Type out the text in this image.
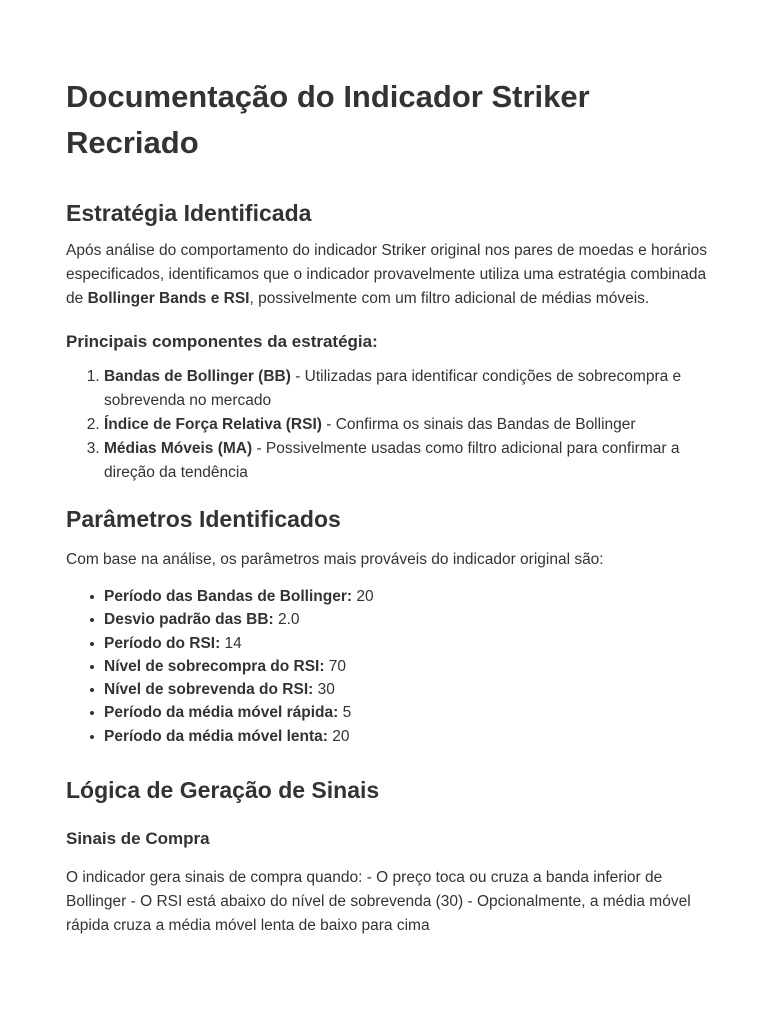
Documentação do Indicador Striker Recriado
Estratégia Identificada

Após análise do comportamento do indicador Striker original nos pares de moedas e horários especificados, identificamos que o indicador provavelmente utiliza uma estratégia combinada de Bollinger Bands e RSI, possivelmente com um filtro adicional de médias móveis.

Principais componentes da estratégia:
1. Bandas de Bollinger (BB) - Utilizadas para identificar condições de sobrecompra e sobrevenda no mercado
2. Índice de Força Relativa (RSI) - Confirma os sinais das Bandas de Bollinger
3. Médias Móveis (MA) - Possivelmente usadas como filtro adicional para confirmar a direção da tendência
Parâmetros Identificados

Com base na análise, os parâmetros mais prováveis do indicador original são:

Período das Bandas de Bollinger: 20
Desvio padrão das BB: 2.0
Período do RSI: 14
Nível de sobrecompra do RSI: 70
Nível de sobrevenda do RSI: 30
Período da média móvel rápida: 5
Período da média móvel lenta: 20
Lógica de Geração de Sinais
Sinais de Compra

O indicador gera sinais de compra quando: - O preço toca ou cruza a banda inferior de Bollinger - O RSI está abaixo do nível de sobrevenda (30) - Opcionalmente, a média móvel rápida cruza a média móvel lenta de baixo para cima
